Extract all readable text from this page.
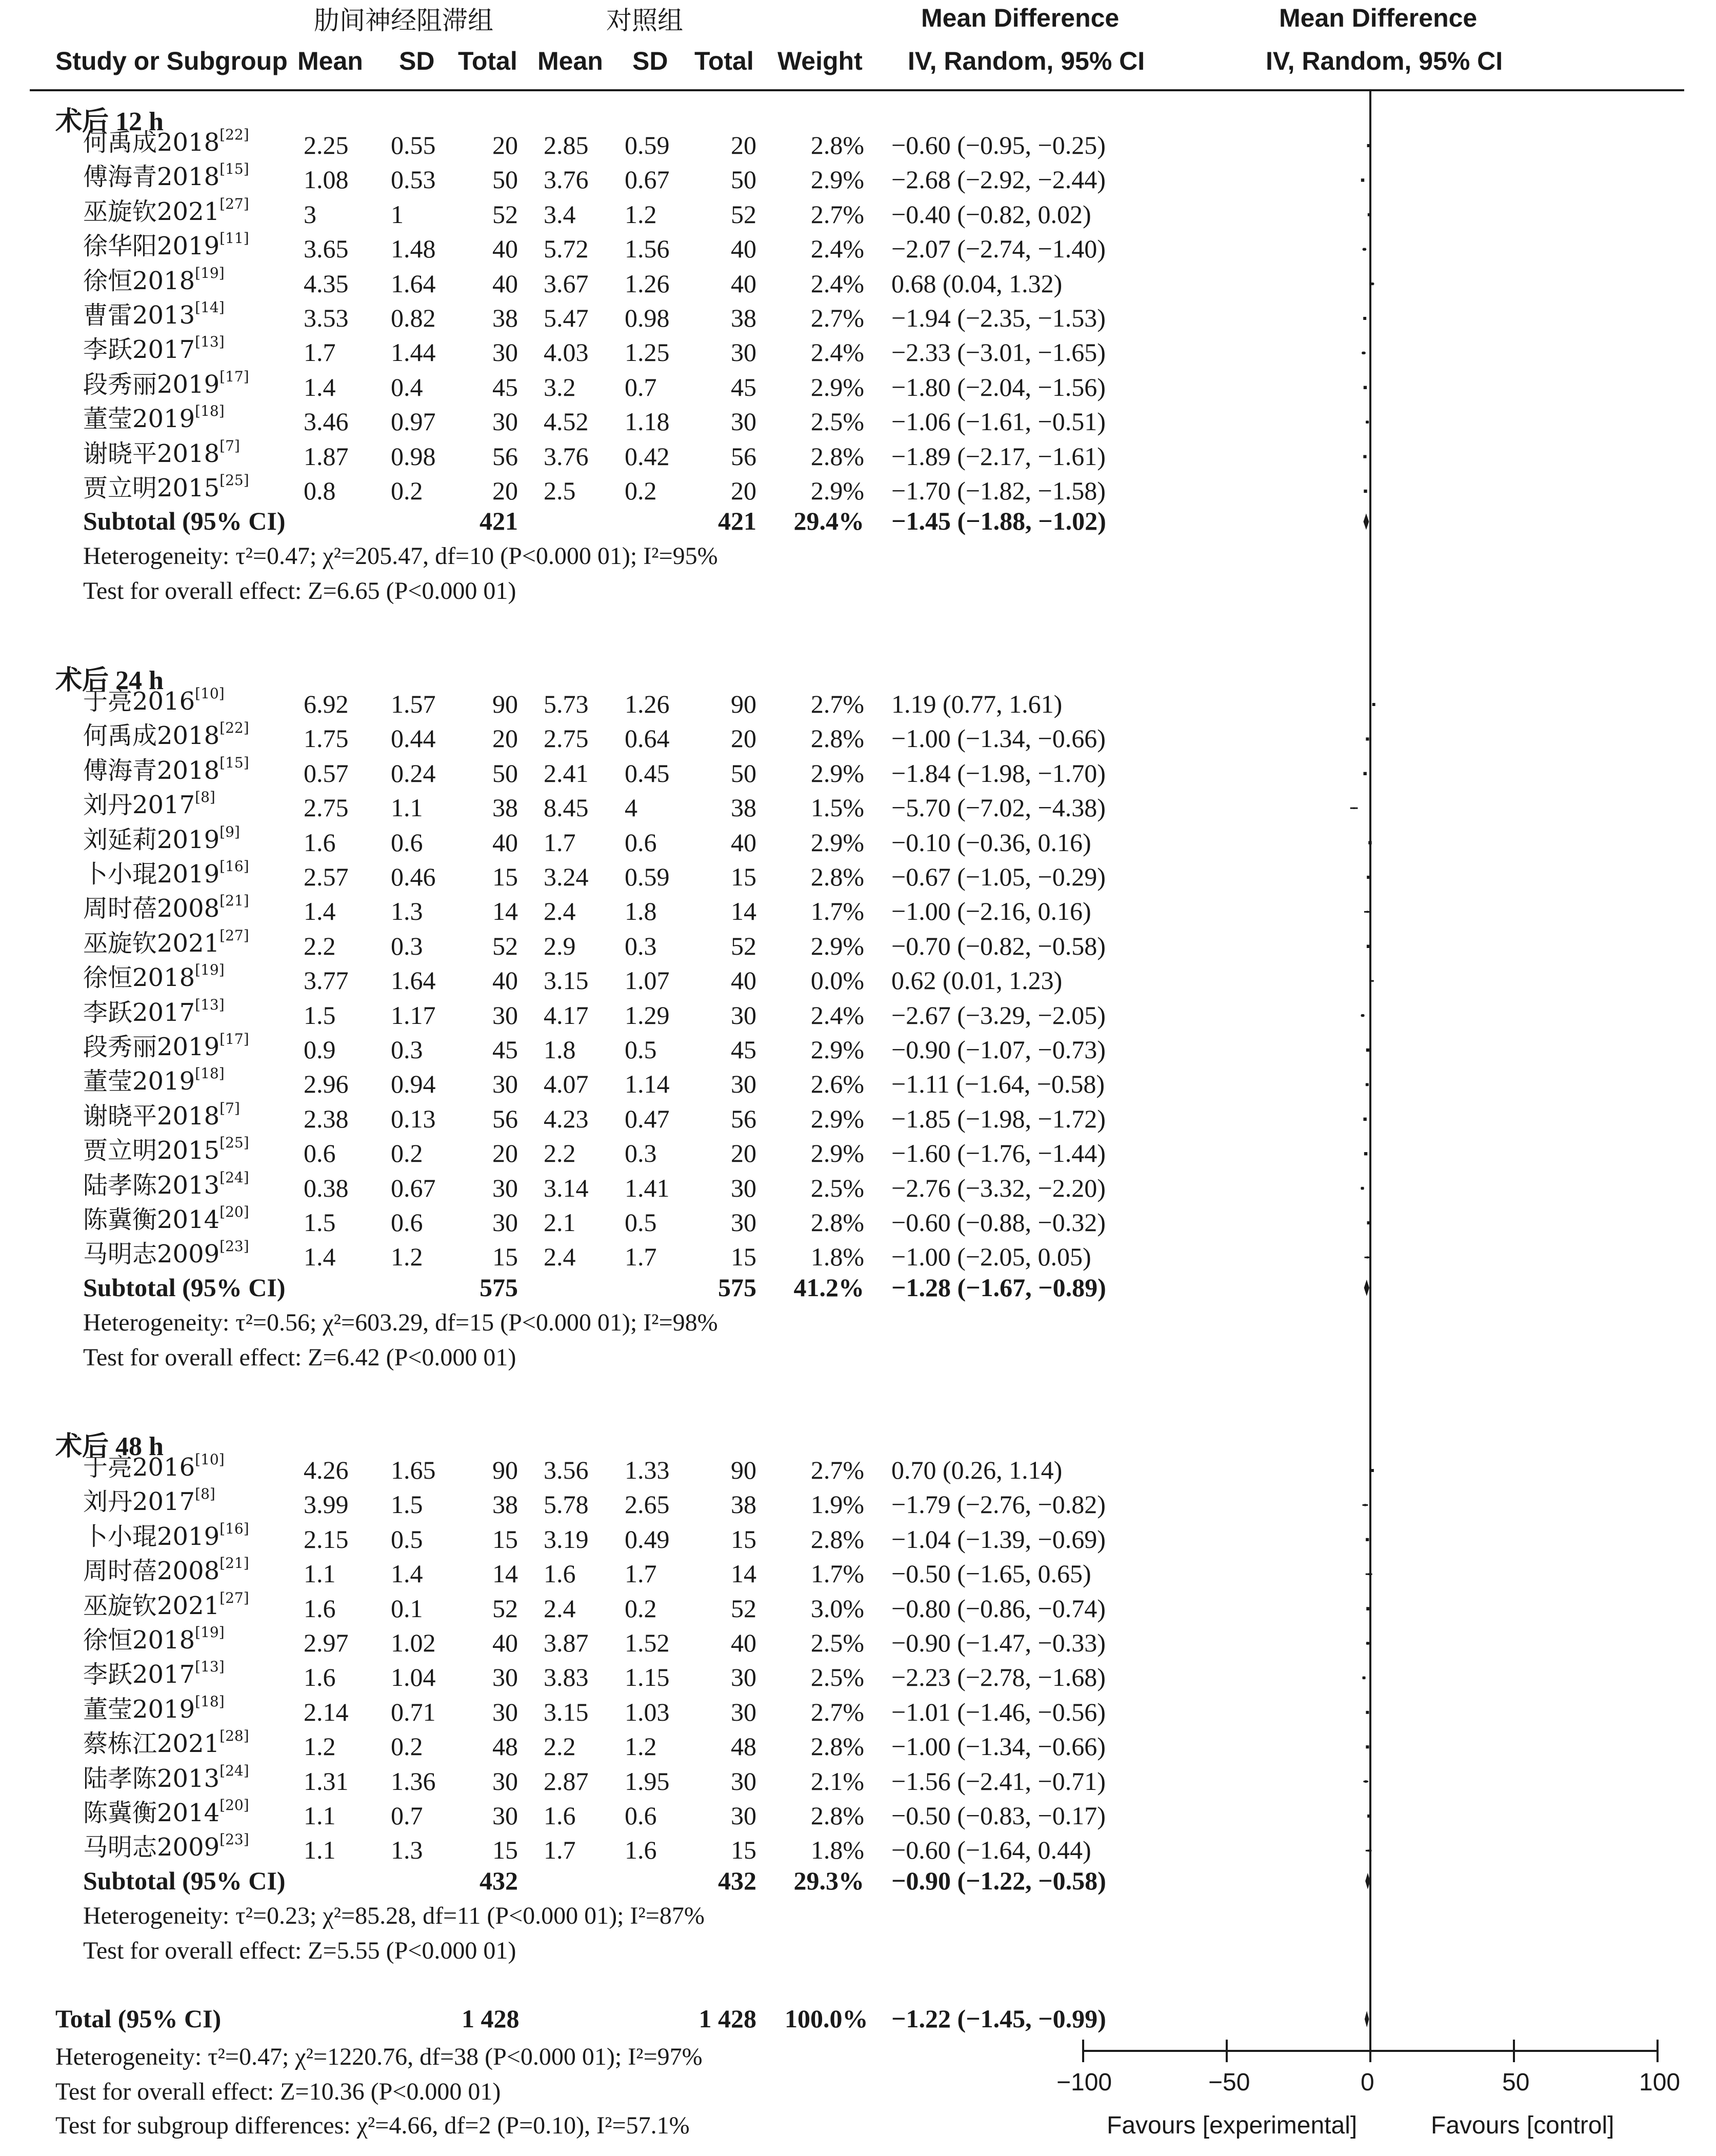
肋间神经阻滞组	对照组	Mean Difference	Mean Difference
Study or Subgroup Mean SD Total Mean SD Total Weight IV, Random, 95% CI	IV, Random, 95% CI
术后 12 h
何禹成2018[22] 2.25	0.55	20 2.85	0.59	20	2.8% −0.60 (−0.95, −0.25)
傅海青2018[15] 1.08	0.53	50 3.76	0.67	50	2.9% −2.68 (−2.92, −2.44)
巫旋钦2021[27] 3	1	52 3.4	1.2	52	2.7% −0.40 (−0.82, 0.02)
徐华阳2019[11] 3.65	1.48	40 5.72	1.56	40	2.4% −2.07 (−2.74, −1.40)
徐恒2018[19]	4.35	1.64	40 3.67	1.26	40	2.4% 0.68 (0.04, 1.32)
曹雷2013[14]	3.53	0.82	38 5.47	0.98	38	2.7% −1.94 (−2.35, −1.53)
李跃2017[13]	1.7	1.44	30 4.03	1.25	30	2.4% −2.33 (−3.01, −1.65)
段秀丽2019[17] 1.4	0.4	45 3.2	0.7	45	2.9% −1.80 (−2.04, −1.56)
董莹2019[18]	3.46	0.97	30 4.52	1.18	30	2.5% −1.06 (−1.61, −0.51)
谢晓平2018[7] 1.87	0.98	56 3.76	0.42	56	2.8% −1.89 (−2.17, −1.61)
贾立明2015[25] 0.8	0.2	20 2.5	0.2	20	2.9% −1.70 (−1.82, −1.58)
Subtotal (95% CI)	421	421	29.4% −1.45 (−1.88, −1.02)
Heterogeneity: τ²=0.47; χ²=205.47, df=10 (P<0.000 01); I²=95%
Test for overall effect: Z=6.65 (P<0.000 01)
术后 24 h
于亮2016[10]	6.92	1.57	90 5.73	1.26	90	2.7% 1.19 (0.77, 1.61)
何禹成2018[22] 1.75	0.44	20 2.75	0.64	20	2.8% −1.00 (−1.34, −0.66)
傅海青2018[15] 0.57	0.24	50 2.41	0.45	50	2.9% −1.84 (−1.98, −1.70)
刘丹2017[8]	2.75	1.1	38 8.45	4	38	1.5% −5.70 (−7.02, −4.38)
刘延莉2019[9] 1.6	0.6	40 1.7	0.6	40	2.9% −0.10 (−0.36, 0.16)
卜小琨2019[16] 2.57	0.46	15 3.24	0.59	15	2.8% −0.67 (−1.05, −0.29)
周时蓓2008[21] 1.4	1.3	14 2.4	1.8	14	1.7% −1.00 (−2.16, 0.16)
巫旋钦2021[27] 2.2	0.3	52 2.9	0.3	52	2.9% −0.70 (−0.82, −0.58)
徐恒2018[19]	3.77	1.64	40 3.15	1.07	40	0.0% 0.62 (0.01, 1.23)
李跃2017[13]	1.5	1.17	30 4.17	1.29	30	2.4% −2.67 (−3.29, −2.05)
段秀丽2019[17] 0.9	0.3	45 1.8	0.5	45	2.9% −0.90 (−1.07, −0.73)
董莹2019[18]	2.96	0.94	30 4.07	1.14	30	2.6% −1.11 (−1.64, −0.58)
谢晓平2018[7] 2.38	0.13	56 4.23	0.47	56	2.9% −1.85 (−1.98, −1.72)
贾立明2015[25] 0.6	0.2	20 2.2	0.3	20	2.9% −1.60 (−1.76, −1.44)
陆孝陈2013[24] 0.38	0.67	30 3.14	1.41	30	2.5% −2.76 (−3.32, −2.20)
陈冀衡2014[20] 1.5	0.6	30 2.1	0.5	30	2.8% −0.60 (−0.88, −0.32)
马明志2009[23] 1.4	1.2	15 2.4	1.7	15	1.8% −1.00 (−2.05, 0.05)
Subtotal (95% CI)	575	575	41.2% −1.28 (−1.67, −0.89)
Heterogeneity: τ²=0.56; χ²=603.29, df=15 (P<0.000 01); I²=98%
Test for overall effect: Z=6.42 (P<0.000 01)
术后 48 h
于亮2016[10]	4.26	1.65	90 3.56	1.33	90	2.7% 0.70 (0.26, 1.14)
刘丹2017[8]	3.99	1.5	38 5.78	2.65	38	1.9% −1.79 (−2.76, −0.82)
卜小琨2019[16] 2.15	0.5	15 3.19	0.49	15	2.8% −1.04 (−1.39, −0.69)
周时蓓2008[21] 1.1	1.4	14 1.6	1.7	14	1.7% −0.50 (−1.65, 0.65)
巫旋钦2021[27] 1.6	0.1	52 2.4	0.2	52	3.0% −0.80 (−0.86, −0.74)
徐恒2018[19]	2.97	1.02	40 3.87	1.52	40	2.5% −0.90 (−1.47, −0.33)
李跃2017[13]	1.6	1.04	30 3.83	1.15	30	2.5% −2.23 (−2.78, −1.68)
董莹2019[18]	2.14	0.71	30 3.15	1.03	30	2.7% −1.01 (−1.46, −0.56)
蔡栋江2021[28] 1.2	0.2	48 2.2	1.2	48	2.8% −1.00 (−1.34, −0.66)
陆孝陈2013[24] 1.31	1.36	30 2.87	1.95	30	2.1% −1.56 (−2.41, −0.71)
陈冀衡2014[20] 1.1	0.7	30 1.6	0.6	30	2.8% −0.50 (−0.83, −0.17)
马明志2009[23] 1.1	1.3	15 1.7	1.6	15	1.8% −0.60 (−1.64, 0.44)
Subtotal (95% CI)	432	432	29.3% −0.90 (−1.22, −0.58)
Heterogeneity: τ²=0.23; χ²=85.28, df=11 (P<0.000 01); I²=87%
Test for overall effect: Z=5.55 (P<0.000 01)
Total (95% CI)	1 428	1 428 100.0% −1.22 (−1.45, −0.99)
Heterogeneity: τ²=0.47; χ²=1220.76, df=38 (P<0.000 01); I²=97%
Test for overall effect: Z=10.36 (P<0.000 01)
Test for subgroup differences: χ²=4.66, df=2 (P=0.10), I²=57.1%
−100	−50	0	50	100
Favours [experimental]	Favours [control]
